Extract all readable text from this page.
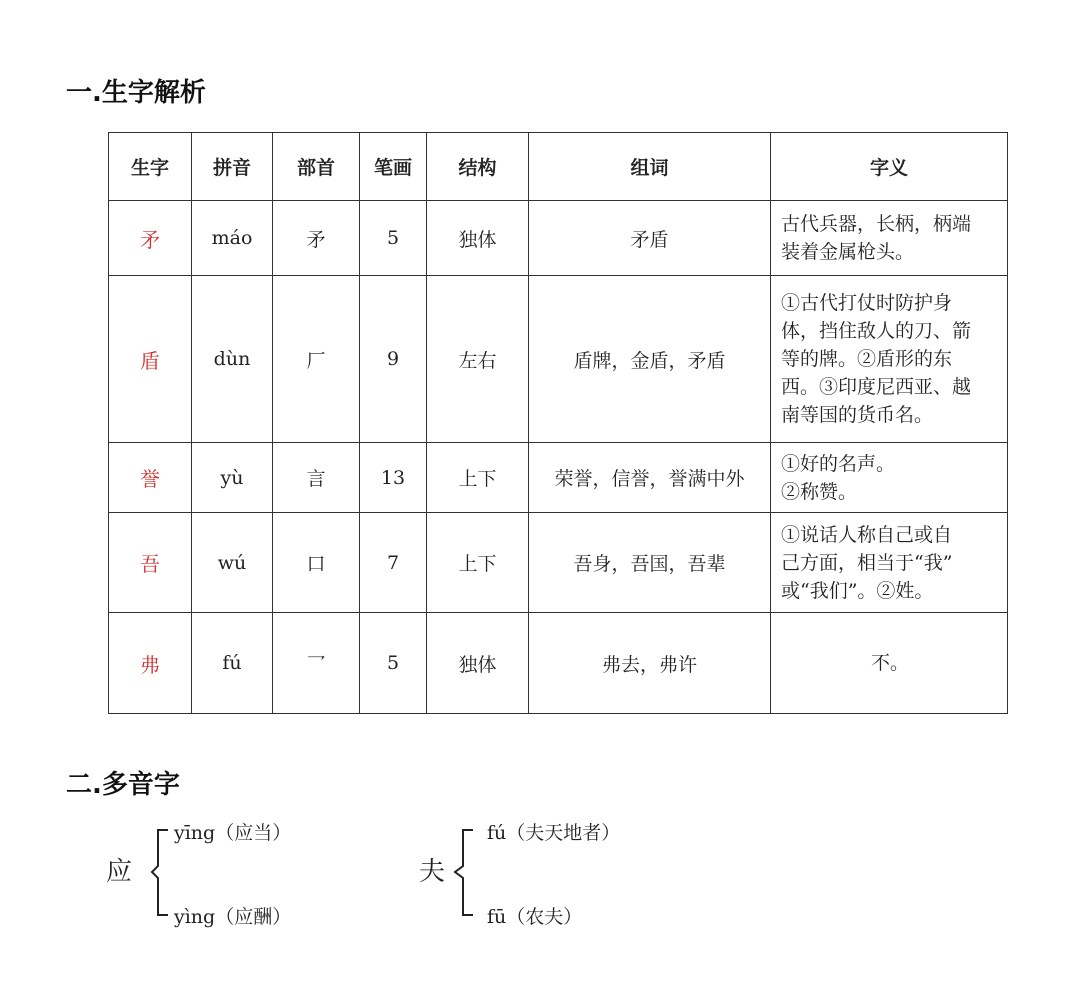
一.生字解析
生字	拼音	部首	笔画	结构	组词	字义
矛	máo	矛	5	独体	矛盾	古代兵器，长柄，柄端
装着金属枪头。

盾	dùn	厂	9	左右	盾牌，金盾，矛盾	①古代打仗时防护身
体，挡住敌人的刀、箭
等的牌。②盾形的东
西。③印度尼西亚、越
南等国的货币名。

誉	yù	言	13	上下	荣誉，信誉，誉满中外	①好的名声。
②称赞。

吾	wú	口	7	上下	吾身，吾国，吾辈	①说话人称自己或自
己方面，相当于“我”
或“我们”。②姓。

弗	fú	乛	5	独体	弗去，弗许	不。
二.多音字
应
yīng（应当）
yìng（应酬）
夫
fú（夫天地者）
fū（农夫）
